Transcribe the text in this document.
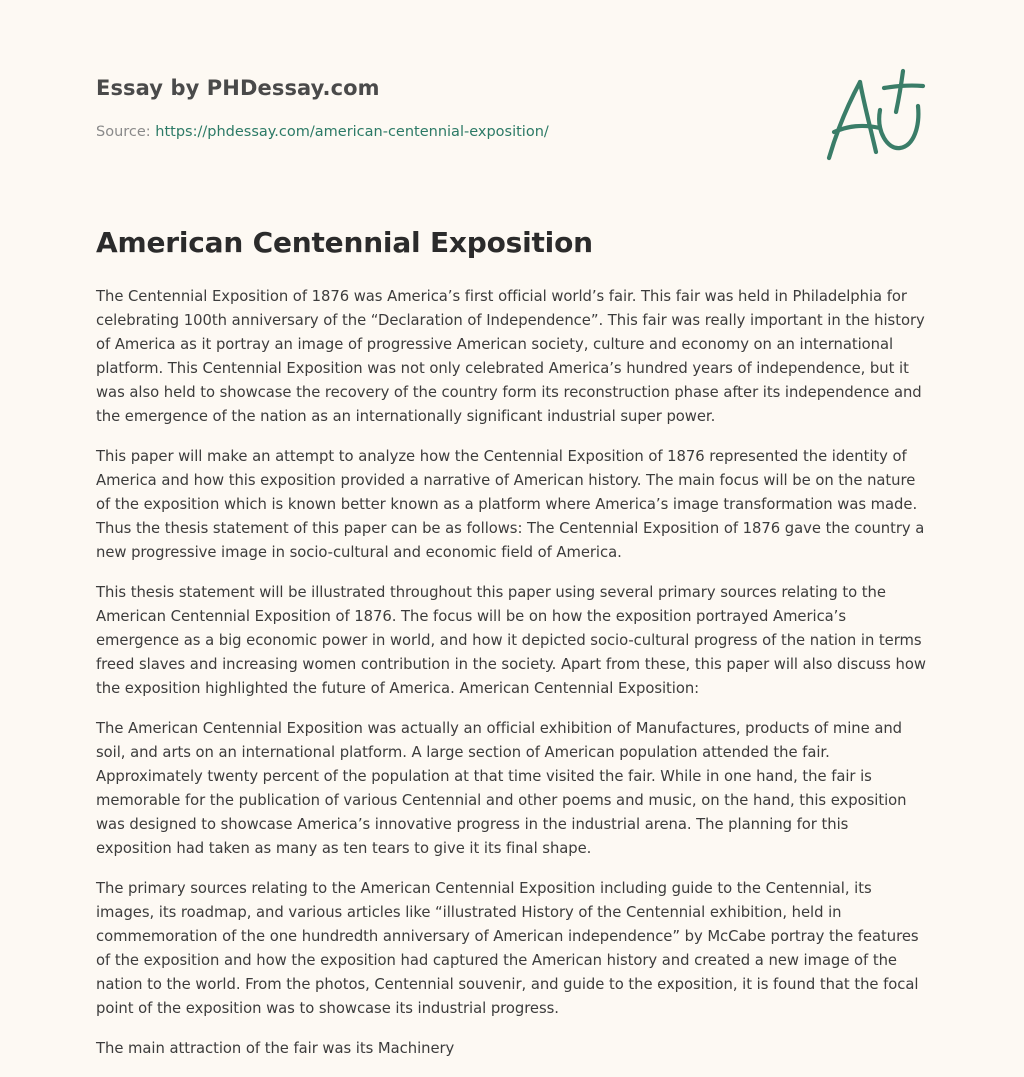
Essay by PHDessay.com

Source: https://phdessay.com/american-centennial-exposition/

American Centennial Exposition

The Centennial Exposition of 1876 was America’s first official world’s fair. This fair was held in Philadelphia for celebrating 100th anniversary of the “Declaration of Independence”. This fair was really important in the history of America as it portray an image of progressive American society, culture and economy on an international platform. This Centennial Exposition was not only celebrated America’s hundred years of independence, but it was also held to showcase the recovery of the country form its reconstruction phase after its independence and the emergence of the nation as an internationally significant industrial super power.

This paper will make an attempt to analyze how the Centennial Exposition of 1876 represented the identity of America and how this exposition provided a narrative of American history. The main focus will be on the nature of the exposition which is known better known as a platform where America’s image transformation was made. Thus the thesis statement of this paper can be as follows: The Centennial Exposition of 1876 gave the country a new progressive image in socio-cultural and economic field of America.

This thesis statement will be illustrated throughout this paper using several primary sources relating to the American Centennial Exposition of 1876. The focus will be on how the exposition portrayed America’s emergence as a big economic power in world, and how it depicted socio-cultural progress of the nation in terms freed slaves and increasing women contribution in the society. Apart from these, this paper will also discuss how the exposition highlighted the future of America. American Centennial Exposition:

The American Centennial Exposition was actually an official exhibition of Manufactures, products of mine and soil, and arts on an international platform. A large section of American population attended the fair. Approximately twenty percent of the population at that time visited the fair. While in one hand, the fair is memorable for the publication of various Centennial and other poems and music, on the hand, this exposition was designed to showcase America’s innovative progress in the industrial arena. The planning for this exposition had taken as many as ten tears to give it its final shape.

The primary sources relating to the American Centennial Exposition including guide to the Centennial, its images, its roadmap, and various articles like “illustrated History of the Centennial exhibition, held in commemoration of the one hundredth anniversary of American independence” by McCabe portray the features of the exposition and how the exposition had captured the American history and created a new image of the nation to the world. From the photos, Centennial souvenir, and guide to the exposition, it is found that the focal point of the exposition was to showcase its industrial progress.

The main attraction of the fair was its Machinery
